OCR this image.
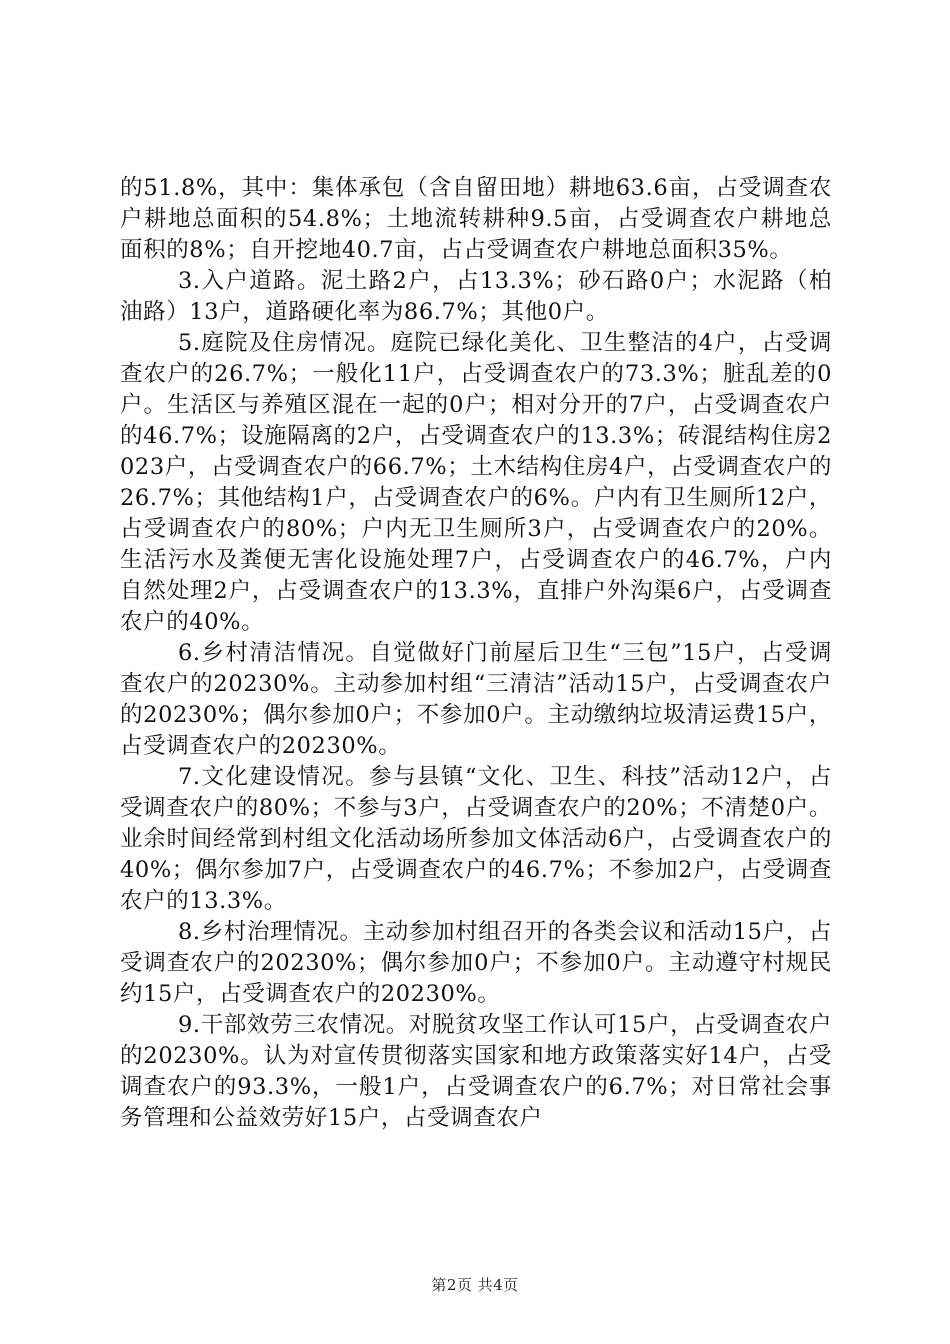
的51.8%，其中：集体承包（含自留田地）耕地63.6亩，占受调查农户耕地总面积的54.8%；土地流转耕种9.5亩，占受调查农户耕地总面积的8%；自开挖地40.7亩，占占受调查农户耕地总面积35%。

3.入户道路。泥土路2户，占13.3%；砂石路0户；水泥路（柏油路）13户，道路硬化率为86.7%；其他0户。

5.庭院及住房情况。庭院已绿化美化、卫生整洁的4户，占受调查农户的26.7%；一般化11户，占受调查农户的73.3%；脏乱差的0户。生活区与养殖区混在一起的0户；相对分开的7户，占受调查农户的46.7%；设施隔离的2户，占受调查农户的13.3%；砖混结构住房2023户，占受调查农户的66.7%；土木结构住房4户，占受调查农户的26.7%；其他结构1户，占受调查农户的6%。户内有卫生厕所12户，占受调查农户的80%；户内无卫生厕所3户，占受调查农户的20%。生活污水及粪便无害化设施处理7户，占受调查农户的46.7%，户内自然处理2户，占受调查农户的13.3%，直排户外沟渠6户，占受调查农户的40%。

6.乡村清洁情况。自觉做好门前屋后卫生“三包”15户，占受调查农户的20230%。主动参加村组“三清洁”活动15户，占受调查农户的20230%；偶尔参加0户；不参加0户。主动缴纳垃圾清运费15户，占受调查农户的20230%。

7.文化建设情况。参与县镇“文化、卫生、科技”活动12户，占受调查农户的80%；不参与3户，占受调查农户的20%；不清楚0户。业余时间经常到村组文化活动场所参加文体活动6户，占受调查农户的40%；偶尔参加7户，占受调查农户的46.7%；不参加2户，占受调查农户的13.3%。

8.乡村治理情况。主动参加村组召开的各类会议和活动15户，占受调查农户的20230%；偶尔参加0户；不参加0户。主动遵守村规民约15户，占受调查农户的20230%。

9.干部效劳三农情况。对脱贫攻坚工作认可15户，占受调查农户的20230%。认为对宣传贯彻落实国家和地方政策落实好14户，占受调查农户的93.3%，一般1户，占受调查农户的6.7%；对日常社会事务管理和公益效劳好15户，占受调查农户

第2页 共4页
